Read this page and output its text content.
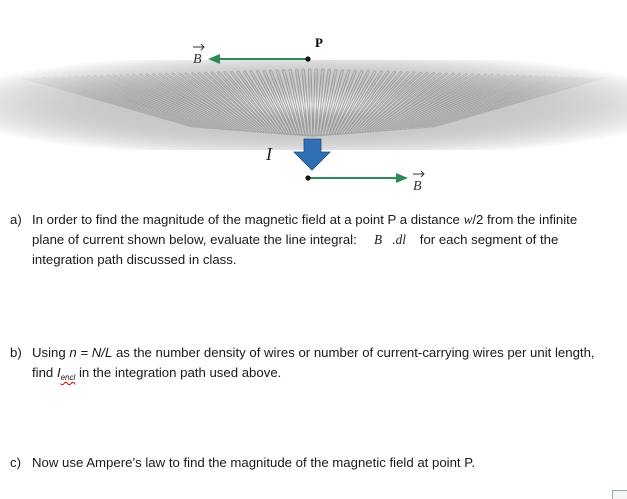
P
B
I
B
a) In order to find the magnitude of the magnetic field at a point P a distance w/2 from the infinite plane of current shown below, evaluate the line integral: ∮ B⃗.dl⃗ for each segment of the integration path discussed in class.
b) Using n = N/L as the number density of wires or number of current-carrying wires per unit length, find $I_{encl}$ in the integration path used above.
c) Now use Ampere’s law to find the magnitude of the magnetic field at point P.
